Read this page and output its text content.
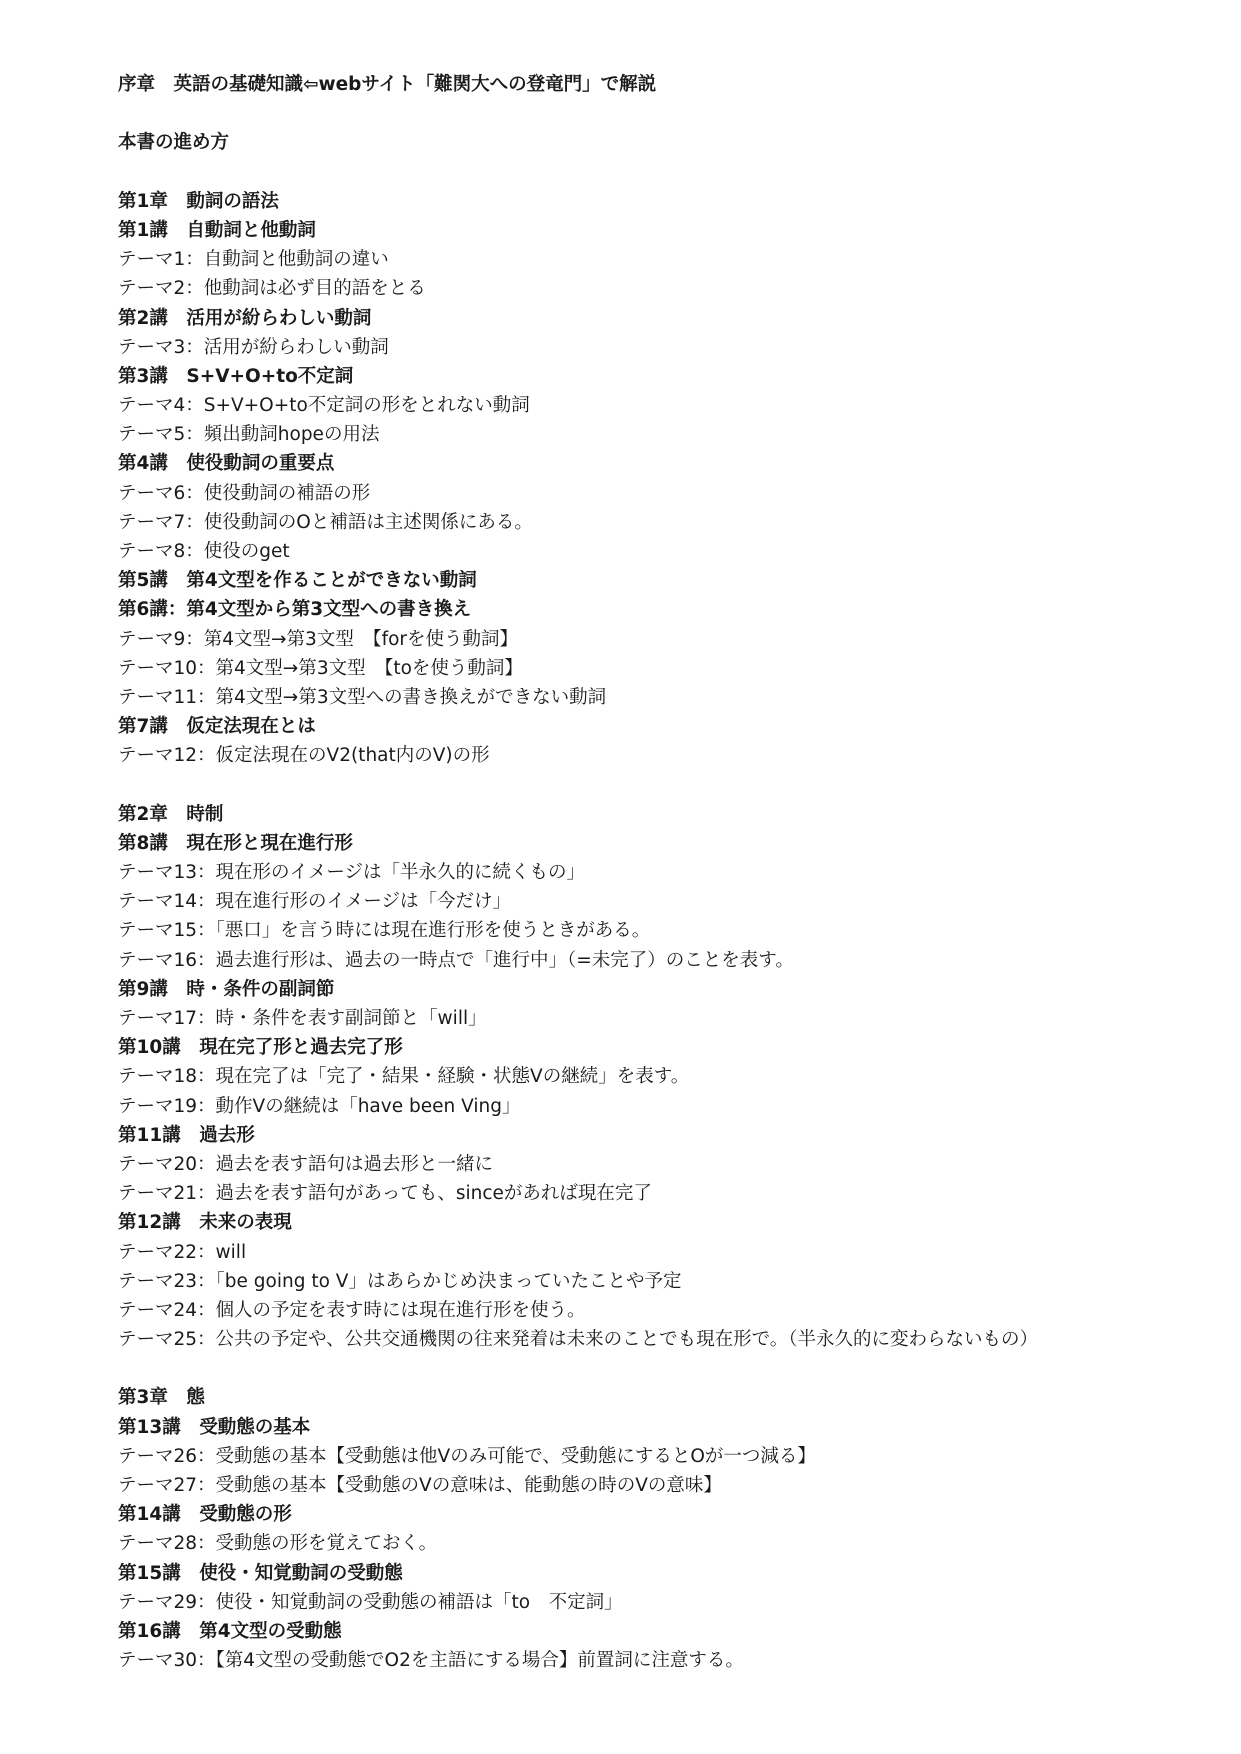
序章　英語の基礎知識⇦webサイト「難関大への登竜門」で解説
本書の進め方
第1章　動詞の語法
第1講　自動詞と他動詞
テーマ1：自動詞と他動詞の違い
テーマ2：他動詞は必ず目的語をとる
第2講　活用が紛らわしい動詞
テーマ3：活用が紛らわしい動詞
第3講　S+V+O+to不定詞
テーマ4：S+V+O+to不定詞の形をとれない動詞
テーマ5：頻出動詞hopeの用法
第4講　使役動詞の重要点
テーマ6：使役動詞の補語の形
テーマ7：使役動詞のOと補語は主述関係にある。
テーマ8：使役のget
第5講　第4文型を作ることができない動詞
第6講：第4文型から第3文型への書き換え
テーマ9：第4文型→第3文型　【forを使う動詞】
テーマ10：第4文型→第3文型　【toを使う動詞】
テーマ11：第4文型→第3文型への書き換えができない動詞
第7講　仮定法現在とは
テーマ12：仮定法現在のV2(that内のV)の形
第2章　時制
第8講　現在形と現在進行形
テーマ13：現在形のイメージは「半永久的に続くもの」
テーマ14：現在進行形のイメージは「今だけ」
テーマ15：「悪口」を言う時には現在進行形を使うときがある。
テーマ16：過去進行形は、過去の一時点で「進行中」（=未完了）のことを表す。
第9講　時・条件の副詞節
テーマ17：時・条件を表す副詞節と「will」
第10講　現在完了形と過去完了形
テーマ18：現在完了は「完了・結果・経験・状態Vの継続」を表す。
テーマ19：動作Vの継続は「have been Ving」
第11講　過去形
テーマ20：過去を表す語句は過去形と一緒に
テーマ21：過去を表す語句があっても、sinceがあれば現在完了
第12講　未来の表現
テーマ22：will
テーマ23：「be going to V」はあらかじめ決まっていたことや予定
テーマ24：個人の予定を表す時には現在進行形を使う。
テーマ25：公共の予定や、公共交通機関の往来発着は未来のことでも現在形で。（半永久的に変わらないもの）
第3章　態
第13講　受動態の基本
テーマ26：受動態の基本【受動態は他Vのみ可能で、受動態にするとOが一つ減る】
テーマ27：受動態の基本【受動態のVの意味は、能動態の時のVの意味】
第14講　受動態の形
テーマ28：受動態の形を覚えておく。
第15講　使役・知覚動詞の受動態
テーマ29：使役・知覚動詞の受動態の補語は「to　不定詞」
第16講　第4文型の受動態
テーマ30：【第4文型の受動態でO2を主語にする場合】前置詞に注意する。
